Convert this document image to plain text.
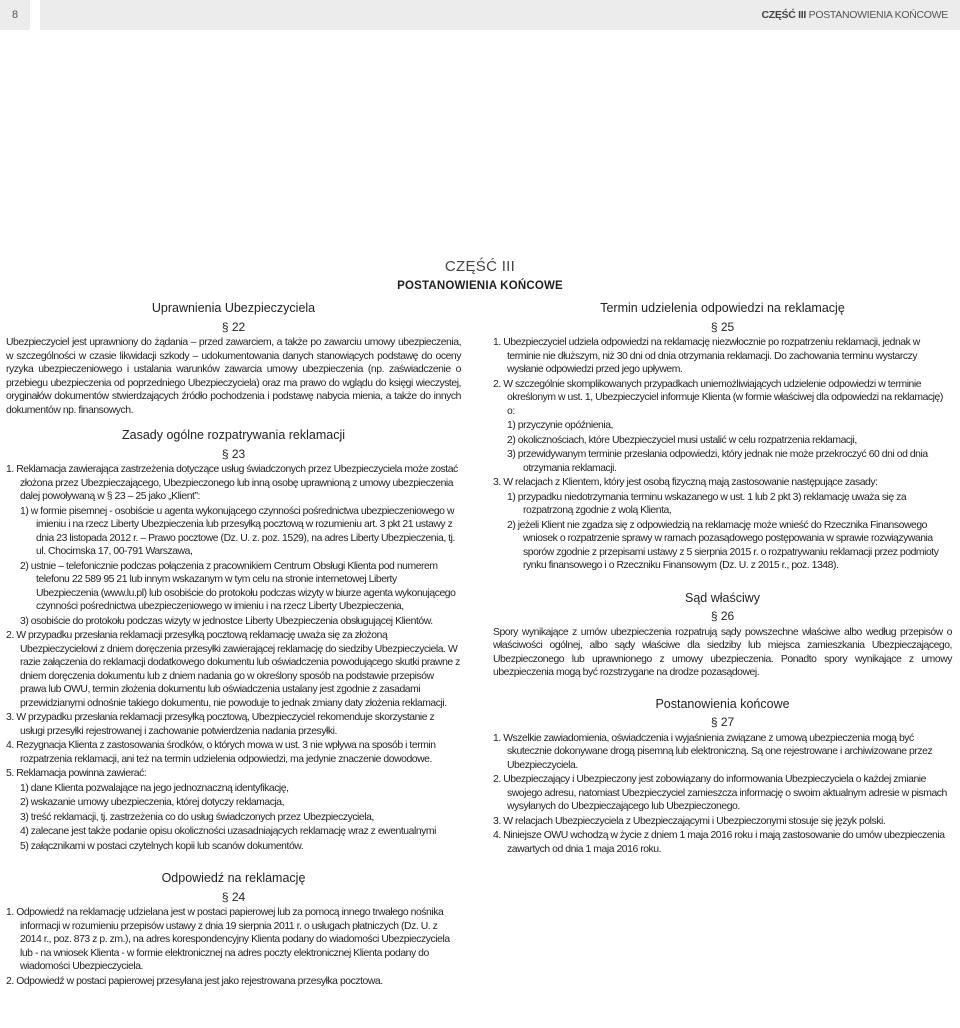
8	CZĘŚĆ III POSTANOWIENIA KOŃCOWE
CZĘŚĆ III
POSTANOWIENIA KOŃCOWE
Uprawnienia Ubezpieczyciela
§ 22

Ubezpieczyciel jest uprawniony do żądania – przed zawarciem, a także po zawarciu umowy ubezpieczenia, w szczególności w czasie likwidacji szkody – udokumentowania danych stanowiących podstawę do oceny ryzyka ubezpieczeniowego i ustalania warunków zawarcia umowy ubezpieczenia (np. zaświadczenie o przebiegu ubezpieczenia od poprzedniego Ubezpieczyciela) oraz ma prawo do wglądu do księgi wieczystej, oryginałów dokumentów stwierdzających źródło pochodzenia i podstawę nabycia mienia, a także do innych dokumentów np. finansowych.

Zasady ogólne rozpatrywania reklamacji
§ 23

1. Reklamacja zawierająca zastrzeżenia dotyczące usług świadczonych przez Ubezpieczyciela może zostać złożona przez Ubezpieczającego, Ubezpieczonego lub inną osobę uprawnioną z umowy ubezpieczenia dalej powoływaną w § 23 – 25 jako „Klient”:

1) w formie pisemnej - osobiście u agenta wykonującego czynności pośrednictwa ubezpieczeniowego w imieniu i na rzecz Liberty Ubezpieczenia lub przesyłką pocztową w rozumieniu art. 3 pkt 21 ustawy z dnia 23 listopada 2012 r. – Prawo pocztowe (Dz. U. z. poz. 1529), na adres Liberty Ubezpieczenia, tj. ul. Chocimska 17, 00-791 Warszawa,

2) ustnie – telefonicznie podczas połączenia z pracownikiem Centrum Obsługi Klienta pod numerem telefonu 22 589 95 21 lub innym wskazanym w tym celu na stronie internetowej Liberty Ubezpieczenia (www.lu.pl) lub osobiście do protokołu podczas wizyty w biurze agenta wykonującego czynności pośrednictwa ubezpieczeniowego w imieniu i na rzecz Liberty Ubezpieczenia,

3) osobiście do protokołu podczas wizyty w jednostce Liberty Ubezpieczenia obsługującej Klientów.

2. W przypadku przesłania reklamacji przesyłką pocztową reklamację uważa się za złożoną Ubezpieczycielowi z dniem doręczenia przesyłki zawierającej reklamację do siedziby Ubezpieczyciela. W razie załączenia do reklamacji dodatkowego dokumentu lub oświadczenia powodującego skutki prawne z dniem doręczenia dokumentu lub z dniem nadania go w określony sposób na podstawie przepisów prawa lub OWU, termin złożenia dokumentu lub oświadczenia ustalany jest zgodnie z zasadami przewidzianymi odnośnie takiego dokumentu, nie powoduje to jednak zmiany daty złożenia reklamacji.

3. W przypadku przesłania reklamacji przesyłką pocztową, Ubezpieczyciel rekomenduje skorzystanie z usługi przesyłki rejestrowanej i zachowanie potwierdzenia nadania przesyłki.

4. Rezygnacja Klienta z zastosowania środków, o których mowa w ust. 3 nie wpływa na sposób i termin rozpatrzenia reklamacji, ani też na termin udzielenia odpowiedzi, ma jedynie znaczenie dowodowe.

5. Reklamacja powinna zawierać:

1) dane Klienta pozwalające na jego jednoznaczną identyfikację,

2) wskazanie umowy ubezpieczenia, której dotyczy reklamacja,

3) treść reklamacji, tj. zastrzeżenia co do usług świadczonych przez Ubezpieczyciela,

4) zalecane jest także podanie opisu okoliczności uzasadniających reklamację wraz z ewentualnymi

5) załącznikami w postaci czytelnych kopii lub scanów dokumentów.

Odpowiedź na reklamację
§ 24

1. Odpowiedź na reklamację udzielana jest w postaci papierowej lub za pomocą innego trwałego nośnika informacji w rozumieniu przepisów ustawy z dnia 19 sierpnia 2011 r. o usługach płatniczych (Dz. U. z 2014 r., poz. 873 z p. zm.), na adres korespondencyjny Klienta podany do wiadomości Ubezpieczyciela lub - na wniosek Klienta - w formie elektronicznej na adres poczty elektronicznej Klienta podany do wiadomości Ubezpieczyciela.

2. Odpowiedź w postaci papierowej przesyłana jest jako rejestrowana przesyłka pocztowa.

Termin udzielenia odpowiedzi na reklamację
§ 25

1. Ubezpieczyciel udziela odpowiedzi na reklamację niezwłocznie po rozpatrzeniu reklamacji, jednak w terminie nie dłuższym, niż 30 dni od dnia otrzymania reklamacji. Do zachowania terminu wystarczy wysłanie odpowiedzi przed jego upływem.

2. W szczególnie skomplikowanych przypadkach uniemożliwiających udzielenie odpowiedzi w terminie określonym w ust. 1, Ubezpieczyciel informuje Klienta (w formie właściwej dla odpowiedzi na reklamację) o:

1) przyczynie opóźnienia,

2) okolicznościach, które Ubezpieczyciel musi ustalić w celu rozpatrzenia reklamacji,

3) przewidywanym terminie przesłania odpowiedzi, który jednak nie może przekroczyć 60 dni od dnia otrzymania reklamacji.

3. W relacjach z Klientem, który jest osobą fizyczną mają zastosowanie następujące zasady:

1) przypadku niedotrzymania terminu wskazanego w ust. 1 lub 2 pkt 3) reklamację uważa się za rozpatrzoną zgodnie z wolą Klienta,

2) jeżeli Klient nie zgadza się z odpowiedzią na reklamację może wnieść do Rzecznika Finansowego wniosek o rozpatrzenie sprawy w ramach pozasądowego postępowania w sprawie rozwiązywania sporów zgodnie z przepisami ustawy z 5 sierpnia 2015 r. o rozpatrywaniu reklamacji przez podmioty rynku finansowego i o Rzeczniku Finansowym (Dz. U. z 2015 r., poz. 1348).

Sąd właściwy
§ 26

Spory wynikające z umów ubezpieczenia rozpatrują sądy powszechne właściwe albo według przepisów o właściwości ogólnej, albo sądy właściwe dla siedziby lub miejsca zamieszkania Ubezpieczającego, Ubezpieczonego lub uprawnionego z umowy ubezpieczenia. Ponadto spory wynikające z umowy ubezpieczenia mogą być rozstrzygane na drodze pozasądowej.

Postanowienia końcowe
§ 27

1. Wszelkie zawiadomienia, oświadczenia i wyjaśnienia związane z umową ubezpieczenia mogą być skutecznie dokonywane drogą pisemną lub elektroniczną. Są one rejestrowane i archiwizowane przez Ubezpieczyciela.

2. Ubezpieczający i Ubezpieczony jest zobowiązany do informowania Ubezpieczyciela o każdej zmianie swojego adresu, natomiast Ubezpieczyciel zamieszcza informację o swoim aktualnym adresie w pismach wysyłanych do Ubezpieczającego lub Ubezpieczonego.

3. W relacjach Ubezpieczyciela z Ubezpieczającymi i Ubezpieczonymi stosuje się język polski.

4. Niniejsze OWU wchodzą w życie z dniem 1 maja 2016 roku i mają zastosowanie do umów ubezpieczenia zawartych od dnia 1 maja 2016 roku.
